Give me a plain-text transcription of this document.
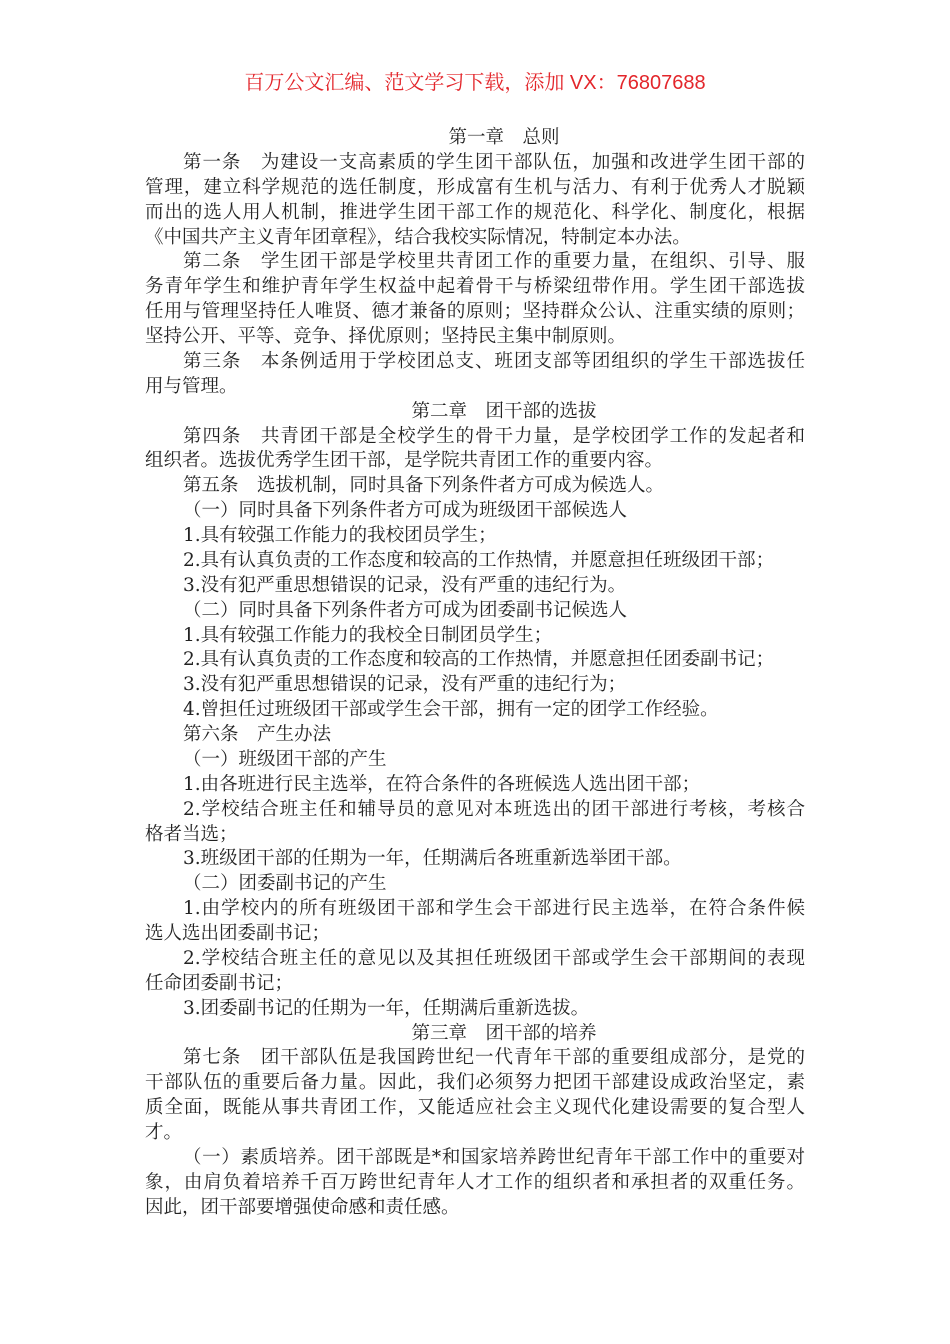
百万公文汇编、范文学习下载，添加 VX：76807688
第一章　总则
第一条　为建设一支高素质的学生团干部队伍，加强和改进学生团干部的
管理，建立科学规范的选任制度，形成富有生机与活力、有利于优秀人才脱颖
而出的选人用人机制，推进学生团干部工作的规范化、科学化、制度化，根据
《中国共产主义青年团章程》，结合我校实际情况，特制定本办法。
第二条　学生团干部是学校里共青团工作的重要力量，在组织、引导、服
务青年学生和维护青年学生权益中起着骨干与桥梁纽带作用。学生团干部选拔
任用与管理坚持任人唯贤、德才兼备的原则；坚持群众公认、注重实绩的原则；
坚持公开、平等、竞争、择优原则；坚持民主集中制原则。
第三条　本条例适用于学校团总支、班团支部等团组织的学生干部选拔任
用与管理。
第二章　团干部的选拔
第四条　共青团干部是全校学生的骨干力量，是学校团学工作的发起者和
组织者。选拔优秀学生团干部，是学院共青团工作的重要内容。
第五条　选拔机制，同时具备下列条件者方可成为候选人。
（一）同时具备下列条件者方可成为班级团干部候选人
1.具有较强工作能力的我校团员学生；
2.具有认真负责的工作态度和较高的工作热情，并愿意担任班级团干部；
3.没有犯严重思想错误的记录，没有严重的违纪行为。
（二）同时具备下列条件者方可成为团委副书记候选人
1.具有较强工作能力的我校全日制团员学生；
2.具有认真负责的工作态度和较高的工作热情，并愿意担任团委副书记；
3.没有犯严重思想错误的记录，没有严重的违纪行为；
4.曾担任过班级团干部或学生会干部，拥有一定的团学工作经验。
第六条　产生办法
（一）班级团干部的产生
1.由各班进行民主选举，在符合条件的各班候选人选出团干部；
2.学校结合班主任和辅导员的意见对本班选出的团干部进行考核，考核合
格者当选；
3.班级团干部的任期为一年，任期满后各班重新选举团干部。
（二）团委副书记的产生
1.由学校内的所有班级团干部和学生会干部进行民主选举，在符合条件候
选人选出团委副书记；
2.学校结合班主任的意见以及其担任班级团干部或学生会干部期间的表现
任命团委副书记；
3.团委副书记的任期为一年，任期满后重新选拔。
第三章　团干部的培养
第七条　团干部队伍是我国跨世纪一代青年干部的重要组成部分，是党的
干部队伍的重要后备力量。因此，我们必须努力把团干部建设成政治坚定，素
质全面，既能从事共青团工作，又能适应社会主义现代化建设需要的复合型人
才。
（一）素质培养。团干部既是*和国家培养跨世纪青年干部工作中的重要对
象，由肩负着培养千百万跨世纪青年人才工作的组织者和承担者的双重任务。
因此，团干部要增强使命感和责任感。
